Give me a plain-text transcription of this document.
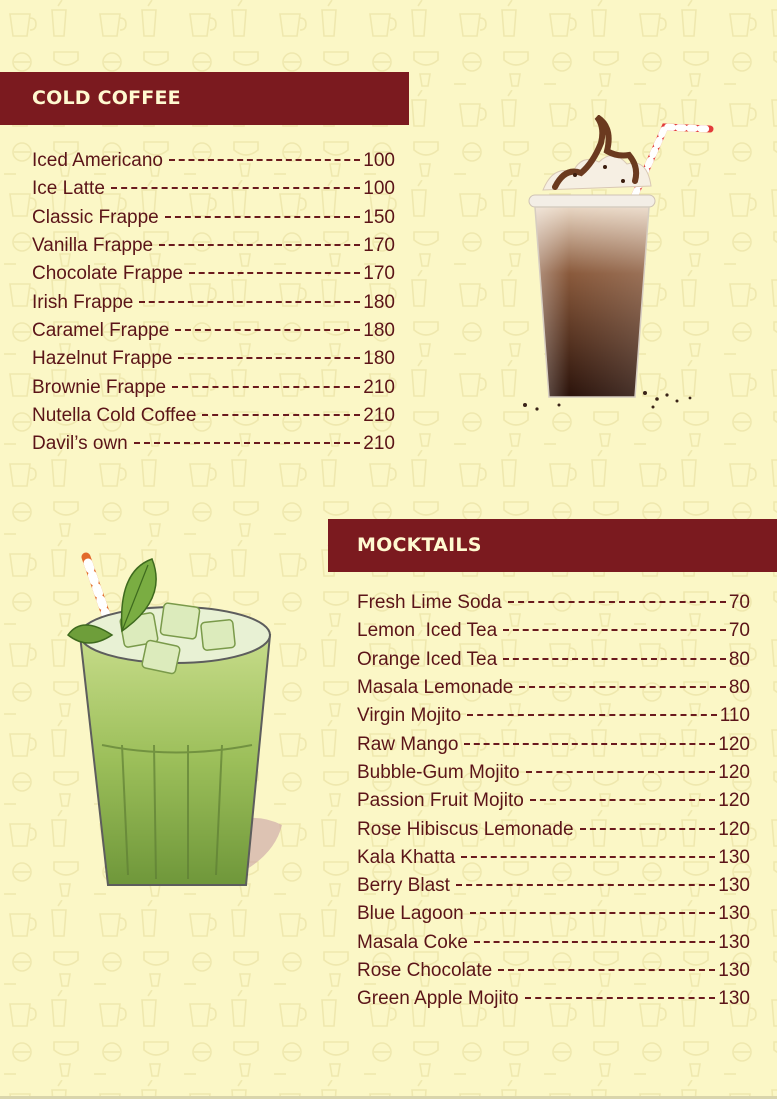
COLD COFFEE
Iced Americano	100
Ice Latte	100
Classic Frappe	150
Vanilla Frappe	170
Chocolate Frappe	170
Irish Frappe	180
Caramel Frappe	180
Hazelnut Frappe	180
Brownie Frappe	210
Nutella Cold Coffee	210
Davil’s own	210
MOCKTAILS
Fresh Lime Soda	70
Lemon  Iced Tea	70
Orange Iced Tea	80
Masala Lemonade	80
Virgin Mojito	110
Raw Mango	120
Bubble-Gum Mojito	120
Passion Fruit Mojito	120
Rose Hibiscus Lemonade	120
Kala Khatta	130
Berry Blast	130
Blue Lagoon	130
Masala Coke	130
Rose Chocolate	130
Green Apple Mojito	130
